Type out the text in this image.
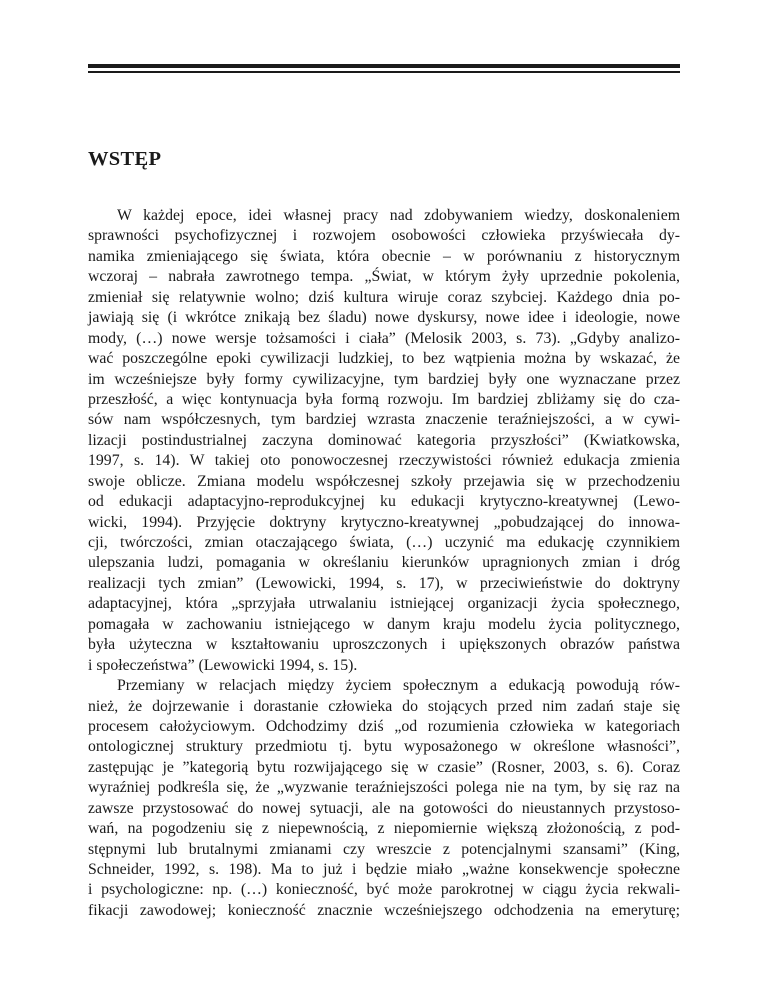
WSTĘP
W każdej epoce, idei własnej pracy nad zdobywaniem wiedzy, doskonaleniem
sprawności psychofizycznej i rozwojem osobowości człowieka przyświecała dy-
namika zmieniającego się świata, która obecnie – w porównaniu z historycznym
wczoraj – nabrała zawrotnego tempa. „Świat, w którym żyły uprzednie pokolenia,
zmieniał się relatywnie wolno; dziś kultura wiruje coraz szybciej. Każdego dnia po-
jawiają się (i wkrótce znikają bez śladu) nowe dyskursy, nowe idee i ideologie, nowe
mody, (…) nowe wersje tożsamości i ciała” (Melosik 2003, s. 73). „Gdyby analizo-
wać poszczególne epoki cywilizacji ludzkiej, to bez wątpienia można by wskazać, że
im wcześniejsze były formy cywilizacyjne, tym bardziej były one wyznaczane przez
przeszłość, a więc kontynuacja była formą rozwoju. Im bardziej zbliżamy się do cza-
sów nam współczesnych, tym bardziej wzrasta znaczenie teraźniejszości, a w cywi-
lizacji postindustrialnej zaczyna dominować kategoria przyszłości” (Kwiatkowska,
1997, s. 14). W takiej oto ponowoczesnej rzeczywistości również edukacja zmienia
swoje oblicze. Zmiana modelu współczesnej szkoły przejawia się w przechodzeniu
od edukacji adaptacyjno-reprodukcyjnej ku edukacji krytyczno-kreatywnej (Lewo-
wicki, 1994). Przyjęcie doktryny krytyczno-kreatywnej „pobudzającej do innowa-
cji, twórczości, zmian otaczającego świata, (…) uczynić ma edukację czynnikiem
ulepszania ludzi, pomagania w określaniu kierunków upragnionych zmian i dróg
realizacji tych zmian” (Lewowicki, 1994, s. 17), w przeciwieństwie do doktryny
adaptacyjnej, która „sprzyjała utrwalaniu istniejącej organizacji życia społecznego,
pomagała w zachowaniu istniejącego w danym kraju modelu życia politycznego,
była użyteczna w kształtowaniu uproszczonych i upiększonych obrazów państwa
i społeczeństwa” (Lewowicki 1994, s. 15).
Przemiany w relacjach między życiem społecznym a edukacją powodują rów-
nież, że dojrzewanie i dorastanie człowieka do stojących przed nim zadań staje się
procesem całożyciowym. Odchodzimy dziś „od rozumienia człowieka w kategoriach
ontologicznej struktury przedmiotu tj. bytu wyposażonego w określone własności”,
zastępując je ”kategorią bytu rozwijającego się w czasie” (Rosner, 2003, s. 6). Coraz
wyraźniej podkreśla się, że „wyzwanie teraźniejszości polega nie na tym, by się raz na
zawsze przystosować do nowej sytuacji, ale na gotowości do nieustannych przystoso-
wań, na pogodzeniu się z niepewnością, z niepomiernie większą złożonością, z pod-
stępnymi lub brutalnymi zmianami czy wreszcie z potencjalnymi szansami” (King,
Schneider, 1992, s. 198). Ma to już i będzie miało „ważne konsekwencje społeczne
i psychologiczne: np. (…) konieczność, być może parokrotnej w ciągu życia rekwali-
fikacji zawodowej; konieczność znacznie wcześniejszego odchodzenia na emeryturę;
